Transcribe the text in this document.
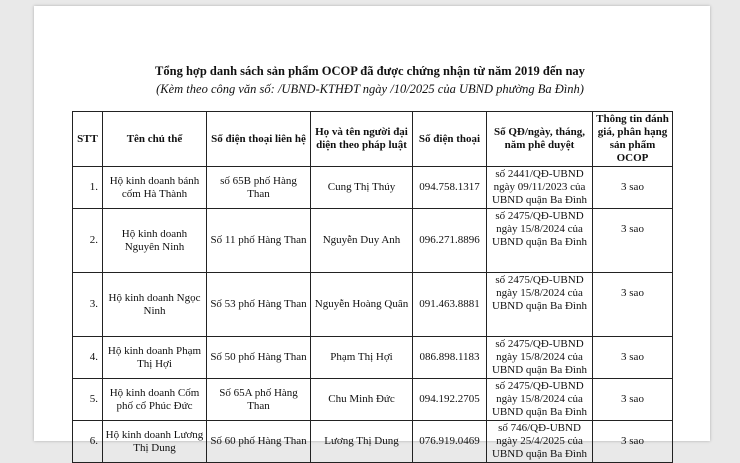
Tổng hợp danh sách sản phẩm OCOP đã được chứng nhận từ năm 2019 đến nay
(Kèm theo công văn số: /UBND-KTHĐT ngày /10/2025 của UBND phường Ba Đình)
STT	Tên chủ thể	Số điện thoại liên hệ	Họ và tên người đại diện theo pháp luật	Số điện thoại	Số QĐ/ngày, tháng, năm phê duyệt	Thông tin đánh giá, phân hạng sản phẩm OCOP
1.	Hộ kinh doanh bánh cốm Hà Thành	số 65B phố Hàng Than	Cung Thị Thúy	094.758.1317	số 2441/QĐ-UBND ngày 09/11/2023 của UBND quận Ba Đình	3 sao
2.	Hộ kinh doanh Nguyên Ninh	Số 11 phố Hàng Than	Nguyễn Duy Anh	096.271.8896	số 2475/QĐ-UBND ngày 15/8/2024 của UBND quận Ba Đình	3 sao
3.	Hộ kinh doanh Ngọc Ninh	Số 53 phố Hàng Than	Nguyễn Hoàng Quân	091.463.8881	số 2475/QĐ-UBND ngày 15/8/2024 của UBND quận Ba Đình	3 sao
4.	Hộ kinh doanh Phạm Thị Hợi	Số 50 phố Hàng Than	Phạm Thị Hợi	086.898.1183	số 2475/QĐ-UBND ngày 15/8/2024 của UBND quận Ba Đình	3 sao
5.	Hộ kinh doanh Cốm phố cổ Phúc Đức	Số 65A phố Hàng Than	Chu Minh Đức	094.192.2705	số 2475/QĐ-UBND ngày 15/8/2024 của UBND quận Ba Đình	3 sao
6.	Hộ kinh doanh Lương Thị Dung	Số 60 phố Hàng Than	Lương Thị Dung	076.919.0469	số 746/QĐ-UBND ngày 25/4/2025 của UBND quận Ba Đình	3 sao
